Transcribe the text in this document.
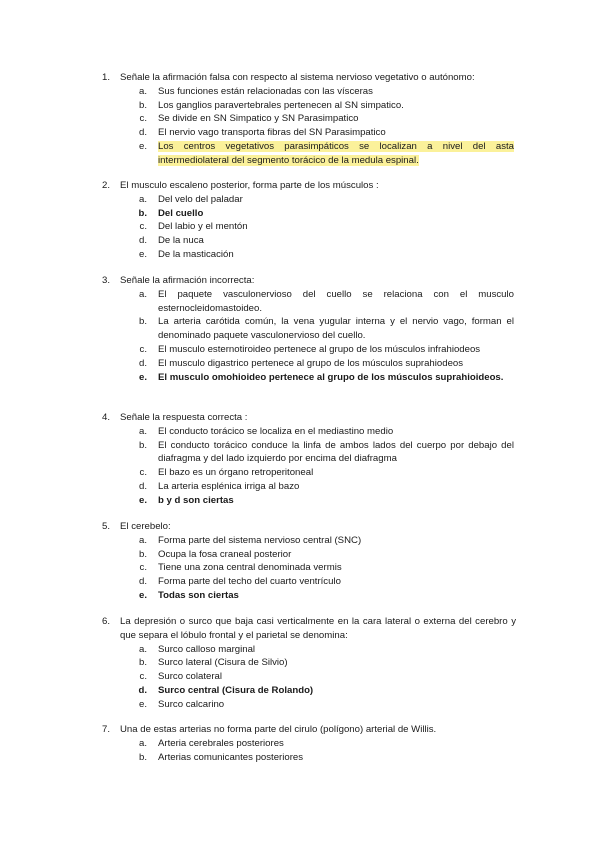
1.	Señale la afirmación falsa con respecto al sistema nervioso vegetativo o autónomo:
a.	Sus funciones están relacionadas con las vísceras
b.	Los ganglios paravertebrales pertenecen al SN simpatico.
c.	Se divide en SN Simpatico y SN Parasimpatico
d.	El nervio vago transporta fibras del SN Parasimpatico
e.	Los centros vegetativos parasimpáticos se localizan a nivel del asta intermediolateral del segmento torácico de la medula espinal.
2.	El musculo escaleno posterior, forma parte de los músculos :
a.	Del velo del paladar
b.	Del cuello
c.	Del labio y el mentón
d.	De la nuca
e.	De la masticación
3.	Señale la afirmación incorrecta:
a.	El paquete vasculonervioso del cuello se relaciona con el musculo esternocleidomastoideo.
b.	La arteria carótida común, la vena yugular interna y el nervio vago, forman el denominado paquete vasculonervioso del cuello.
c.	El musculo esternotiroideo pertenece al grupo de los músculos infrahiodeos
d.	El musculo digastrico pertenece al grupo de los músculos suprahiodeos
e.	El musculo omohioideo pertenece al grupo de los músculos suprahioideos.
4.	Señale la respuesta correcta :
a.	El conducto torácico se localiza en el mediastino medio
b.	El conducto torácico conduce la linfa de ambos lados del cuerpo por debajo del diafragma y del lado izquierdo por encima del diafragma
c.	El bazo es un órgano retroperitoneal
d.	La arteria esplénica irriga al bazo
e.	b y d son ciertas
5.	El cerebelo:
a.	Forma parte del sistema nervioso central (SNC)
b.	Ocupa la fosa craneal posterior
c.	Tiene una zona central denominada vermis
d.	Forma parte del techo del cuarto ventrículo
e.	Todas son ciertas
6.	La depresión o surco que baja casi verticalmente en la cara lateral o externa del cerebro y que separa el lóbulo frontal y el parietal se denomina:
a.	Surco calloso marginal
b.	Surco lateral (Cisura de Silvio)
c.	Surco colateral
d.	Surco central (Cisura de Rolando)
e.	Surco calcarino
7.	Una de estas arterias no forma parte del cirulo (polígono) arterial de Willis.
a.	Arteria cerebrales posteriores
b.	Arterias comunicantes posteriores
